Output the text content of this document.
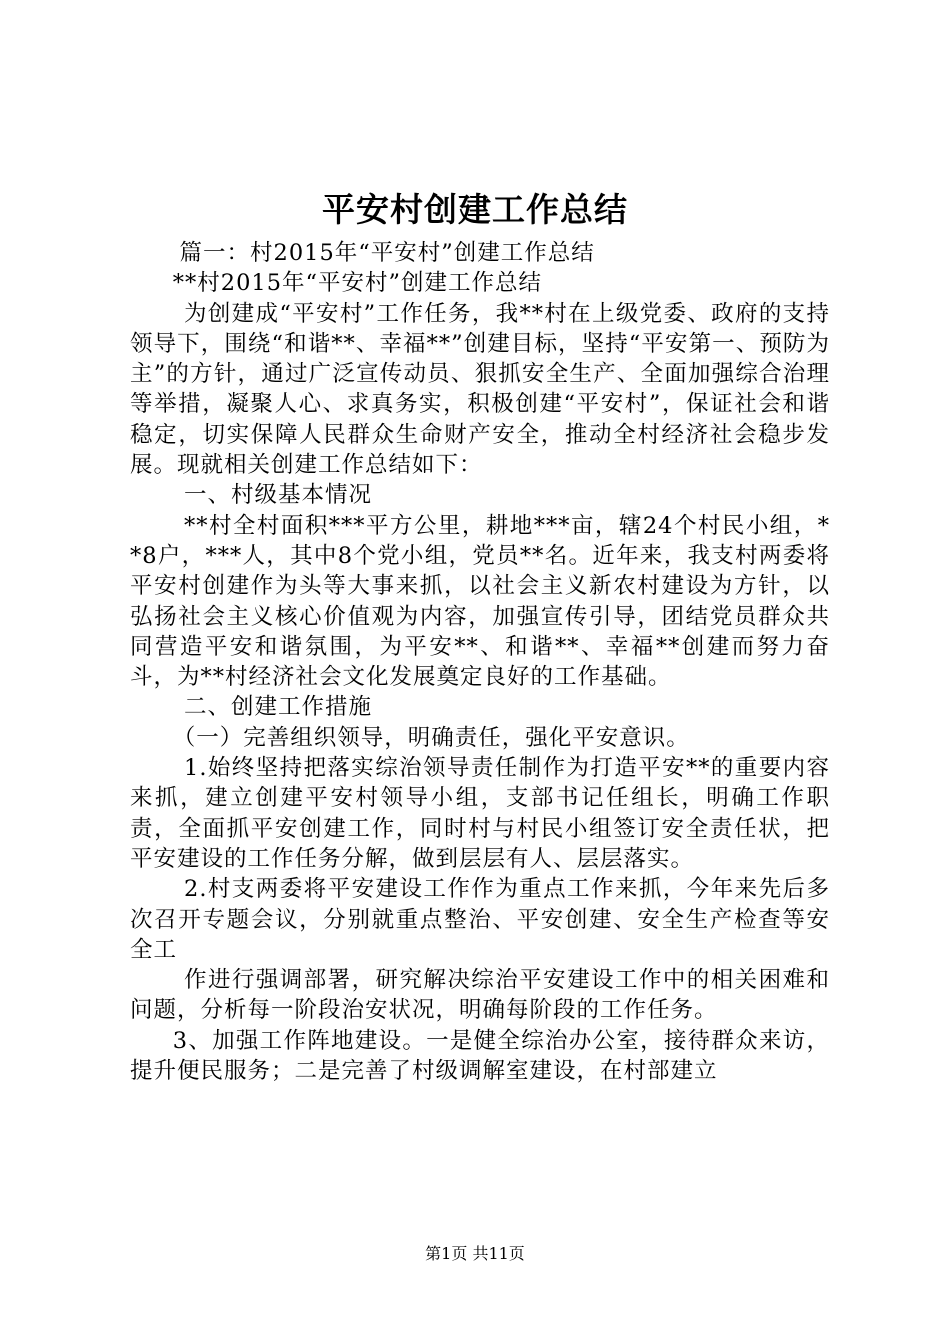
平安村创建工作总结

篇一：村2015年“平安村”创建工作总结

**村2015年“平安村”创建工作总结

为创建成“平安村”工作任务，我**村在上级党委、政府的支持领导下，围绕“和谐**、幸福**”创建目标，坚持“平安第一、预防为主”的方针，通过广泛宣传动员、狠抓安全生产、全面加强综合治理等举措，凝聚人心、求真务实，积极创建“平安村”，保证社会和谐稳定，切实保障人民群众生命财产安全，推动全村经济社会稳步发展。现就相关创建工作总结如下：

一、村级基本情况

**村全村面积***平方公里，耕地***亩，辖24个村民小组，**8户，***人，其中8个党小组，党员**名。近年来，我支村两委将平安村创建作为头等大事来抓，以社会主义新农村建设为方针，以弘扬社会主义核心价值观为内容，加强宣传引导，团结党员群众共同营造平安和谐氛围，为平安**、和谐**、幸福**创建而努力奋斗，为**村经济社会文化发展奠定良好的工作基础。

二、创建工作措施

（一）完善组织领导，明确责任，强化平安意识。

1.始终坚持把落实综治领导责任制作为打造平安**的重要内容来抓，建立创建平安村领导小组，支部书记任组长，明确工作职责，全面抓平安创建工作，同时村与村民小组签订安全责任状，把平安建设的工作任务分解，做到层层有人、层层落实。

2.村支两委将平安建设工作作为重点工作来抓，今年来先后多次召开专题会议，分别就重点整治、平安创建、安全生产检查等安全工

作进行强调部署，研究解决综治平安建设工作中的相关困难和问题，分析每一阶段治安状况，明确每阶段的工作任务。

3、加强工作阵地建设。一是健全综治办公室，接待群众来访，提升便民服务；二是完善了村级调解室建设，在村部建立

第1页 共11页
